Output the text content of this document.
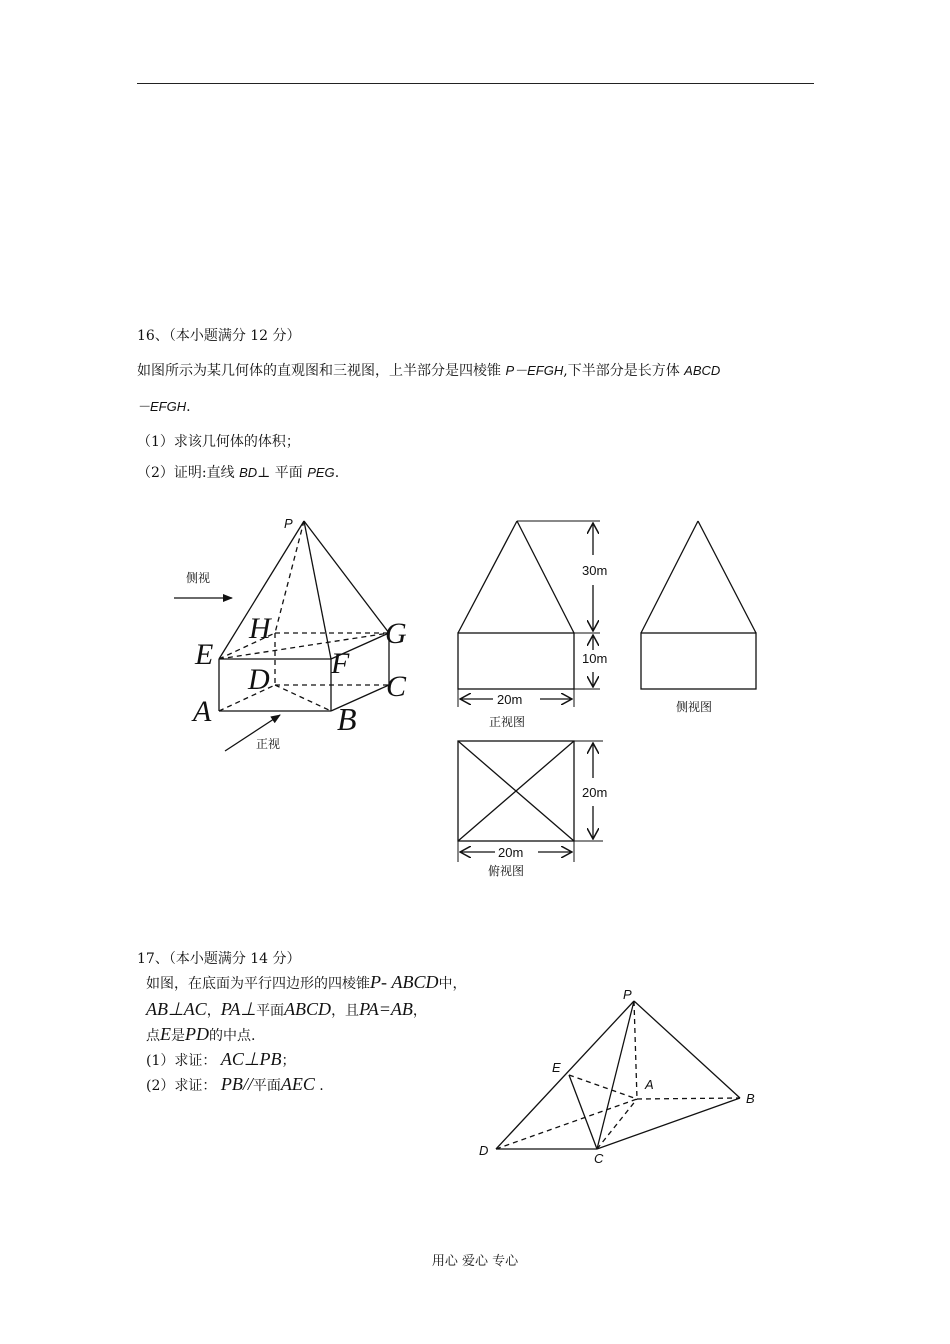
16、（本小题满分 12 分）
如图所示为某几何体的直观图和三视图，上半部分是四棱锥 P－EFGH,下半部分是长方体 ABCD
－EFGH.
（1）求该几何体的体积；
（2）证明:直线 BD⊥ 平面 PEG.
17、（本小题满分 14 分）
如图，在底面为平行四边形的四棱锥P- ABCD中，
AB⊥AC，PA⊥平面ABCD，且PA=AB，
点E是PD的中点.
(1）求证： AC⊥PB；
(2）求证： PB//平面AEC .
P
H	G
E	F
D	C
A	B
侧视
正视
30m
10m
20m
正视图
侧视图
20m
20m
俯视图
P
E
A
B
D
C
用心 爱心 专心
